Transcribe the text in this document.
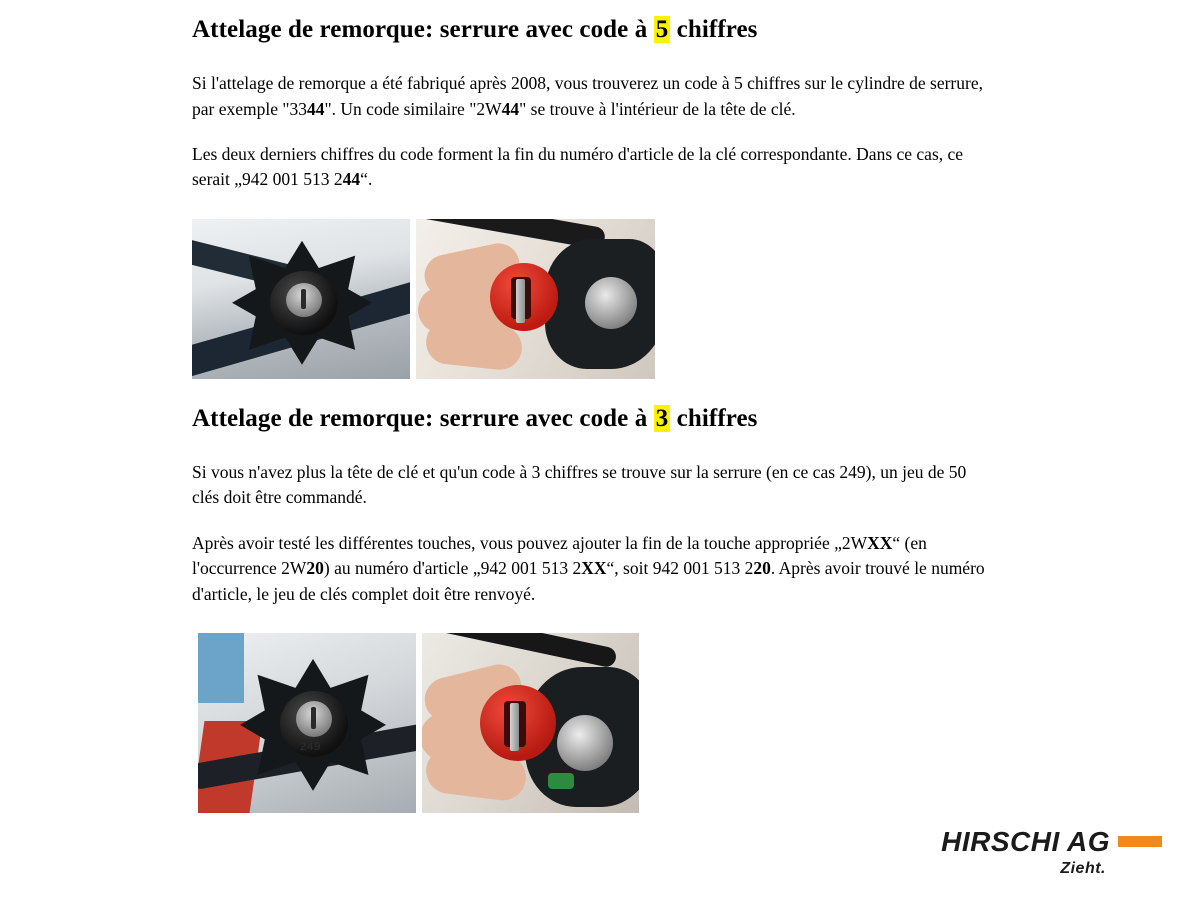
Attelage de remorque: serrure avec code à 5 chiffres

Si l'attelage de remorque a été fabriqué après 2008, vous trouverez un code à 5 chiffres sur le cylindre de serrure, par exemple "3344". Un code similaire "2W44" se trouve à l'intérieur de la tête de clé.

Les deux derniers chiffres du code forment la fin du numéro d'article de la clé correspondante. Dans ce cas, ce serait „942 001 513 244“.

Attelage de remorque: serrure avec code à 3 chiffres

Si vous n'avez plus la tête de clé et qu'un code à 3 chiffres se trouve sur la serrure (en ce cas 249), un jeu de 50 clés doit être commandé.

Après avoir testé les différentes touches, vous pouvez ajouter la fin de la touche appropriée „2WXX“ (en l'occurrence 2W20) au numéro d'article „942 001 513 2XX“, soit 942 001 513 220. Après avoir trouvé le numéro d'article, le jeu de clés complet doit être renvoyé.

249
HIRSCHI AG
Zieht.
